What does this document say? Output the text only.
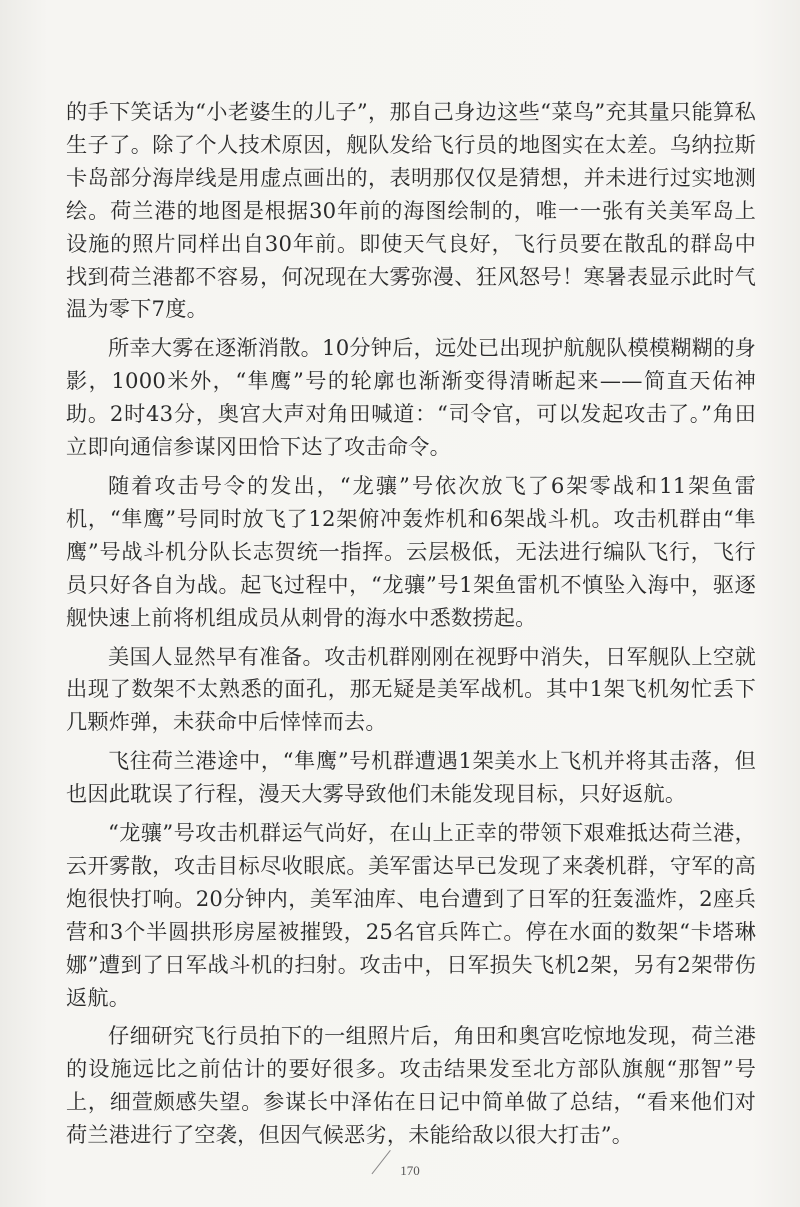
的手下笑话为“小老婆生的儿子”，那自己身边这些“菜鸟”充其量只能算私生子了。除了个人技术原因，舰队发给飞行员的地图实在太差。乌纳拉斯卡岛部分海岸线是用虚点画出的，表明那仅仅是猜想，并未进行过实地测绘。荷兰港的地图是根据30年前的海图绘制的，唯一一张有关美军岛上设施的照片同样出自30年前。即使天气良好，飞行员要在散乱的群岛中找到荷兰港都不容易，何况现在大雾弥漫、狂风怒号！寒暑表显示此时气温为零下7度。

所幸大雾在逐渐消散。10分钟后，远处已出现护航舰队模模糊糊的身影，1000米外，“隼鹰”号的轮廓也渐渐变得清晰起来——简直天佑神助。2时43分，奥宫大声对角田喊道：“司令官，可以发起攻击了。”角田立即向通信参谋冈田恰下达了攻击命令。

随着攻击号令的发出，“龙骧”号依次放飞了6架零战和11架鱼雷机，“隼鹰”号同时放飞了12架俯冲轰炸机和6架战斗机。攻击机群由“隼鹰”号战斗机分队长志贺统一指挥。云层极低，无法进行编队飞行，飞行员只好各自为战。起飞过程中，“龙骧”号1架鱼雷机不慎坠入海中，驱逐舰快速上前将机组成员从刺骨的海水中悉数捞起。

美国人显然早有准备。攻击机群刚刚在视野中消失，日军舰队上空就出现了数架不太熟悉的面孔，那无疑是美军战机。其中1架飞机匆忙丢下几颗炸弹，未获命中后悻悻而去。

飞往荷兰港途中，“隼鹰”号机群遭遇1架美水上飞机并将其击落，但也因此耽误了行程，漫天大雾导致他们未能发现目标，只好返航。

“龙骧”号攻击机群运气尚好，在山上正幸的带领下艰难抵达荷兰港，云开雾散，攻击目标尽收眼底。美军雷达早已发现了来袭机群，守军的高炮很快打响。20分钟内，美军油库、电台遭到了日军的狂轰滥炸，2座兵营和3个半圆拱形房屋被摧毁，25名官兵阵亡。停在水面的数架“卡塔琳娜”遭到了日军战斗机的扫射。攻击中，日军损失飞机2架，另有2架带伤返航。

仔细研究飞行员拍下的一组照片后，角田和奥宫吃惊地发现，荷兰港的设施远比之前估计的要好很多。攻击结果发至北方部队旗舰“那智”号上，细萱颇感失望。参谋长中泽佑在日记中简单做了总结，“看来他们对荷兰港进行了空袭，但因气候恶劣，未能给敌以很大打击”。

170
